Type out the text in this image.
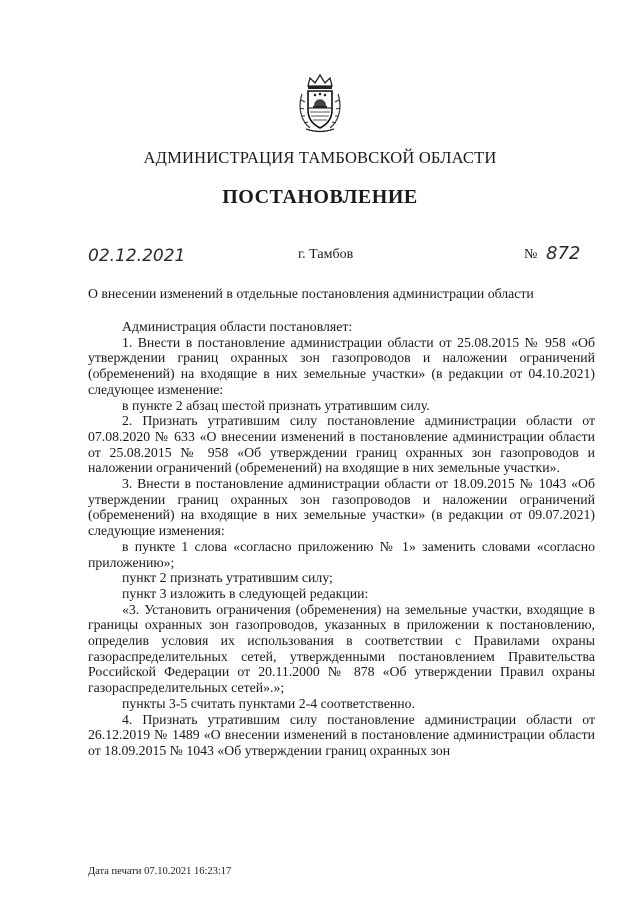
АДМИНИСТРАЦИЯ ТАМБОВСКОЙ ОБЛАСТИ
ПОСТАНОВЛЕНИЕ
02.12.2021	г. Тамбов	№ 872
О внесении изменений в отдельные постановления администрации области

Администрация области постановляет:

1. Внести в постановление администрации области от 25.08.2015 № 958 «Об утверждении границ охранных зон газопроводов и наложении ограничений (обременений) на входящие в них земельные участки» (в редакции от 04.10.2021) следующее изменение:

в пункте 2 абзац шестой признать утратившим силу.

2. Признать утратившим силу постановление администрации области от 07.08.2020 № 633 «О внесении изменений в постановление администрации области от 25.08.2015 № 958 «Об утверждении границ охранных зон газопроводов и наложении ограничений (обременений) на входящие в них земельные участки».

3. Внести в постановление администрации области от 18.09.2015 № 1043 «Об утверждении границ охранных зон газопроводов и наложении ограничений (обременений) на входящие в них земельные участки» (в редакции от 09.07.2021) следующие изменения:

в пункте 1 слова «согласно приложению № 1» заменить словами «согласно приложению»;

пункт 2 признать утратившим силу;

пункт 3 изложить в следующей редакции:

«3. Установить ограничения (обременения) на земельные участки, входящие в границы охранных зон газопроводов, указанных в приложении к постановлению, определив условия их использования в соответствии с Правилами охраны газораспределительных сетей, утвержденными постановлением Правительства Российской Федерации от 20.11.2000 № 878 «Об утверждении Правил охраны газораспределительных сетей».»;

пункты 3-5 считать пунктами 2-4 соответственно.

4. Признать утратившим силу постановление администрации области от 26.12.2019 № 1489 «О внесении изменений в постановление администрации области от 18.09.2015 № 1043 «Об утверждении границ охранных зон

Дата печати 07.10.2021 16:23:17
